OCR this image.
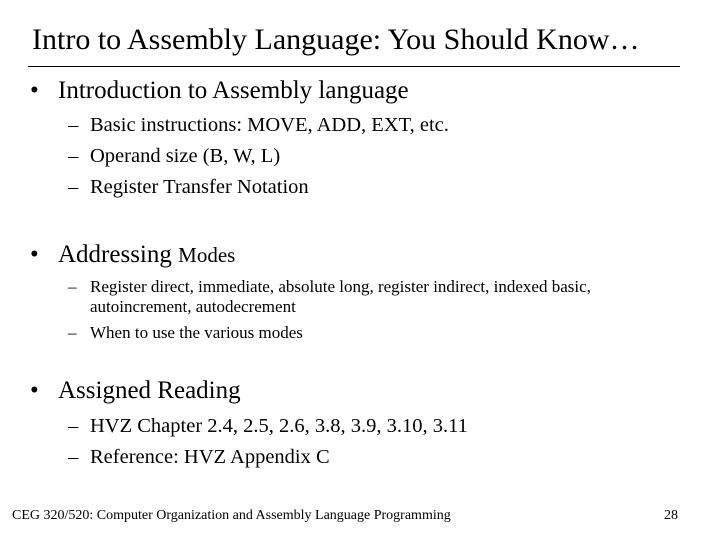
Intro to Assembly Language: You Should Know…
• Introduction to Assembly language
– Basic instructions: MOVE, ADD, EXT, etc.
– Operand size (B, W, L)
– Register Transfer Notation
• Addressing Modes
– Register direct, immediate, absolute long, register indirect, indexed basic,
autoincrement, autodecrement
– When to use the various modes
• Assigned Reading
– HVZ Chapter 2.4, 2.5, 2.6, 3.8, 3.9, 3.10, 3.11
– Reference: HVZ Appendix C
CEG 320/520: Computer Organization and Assembly Language Programming	28
